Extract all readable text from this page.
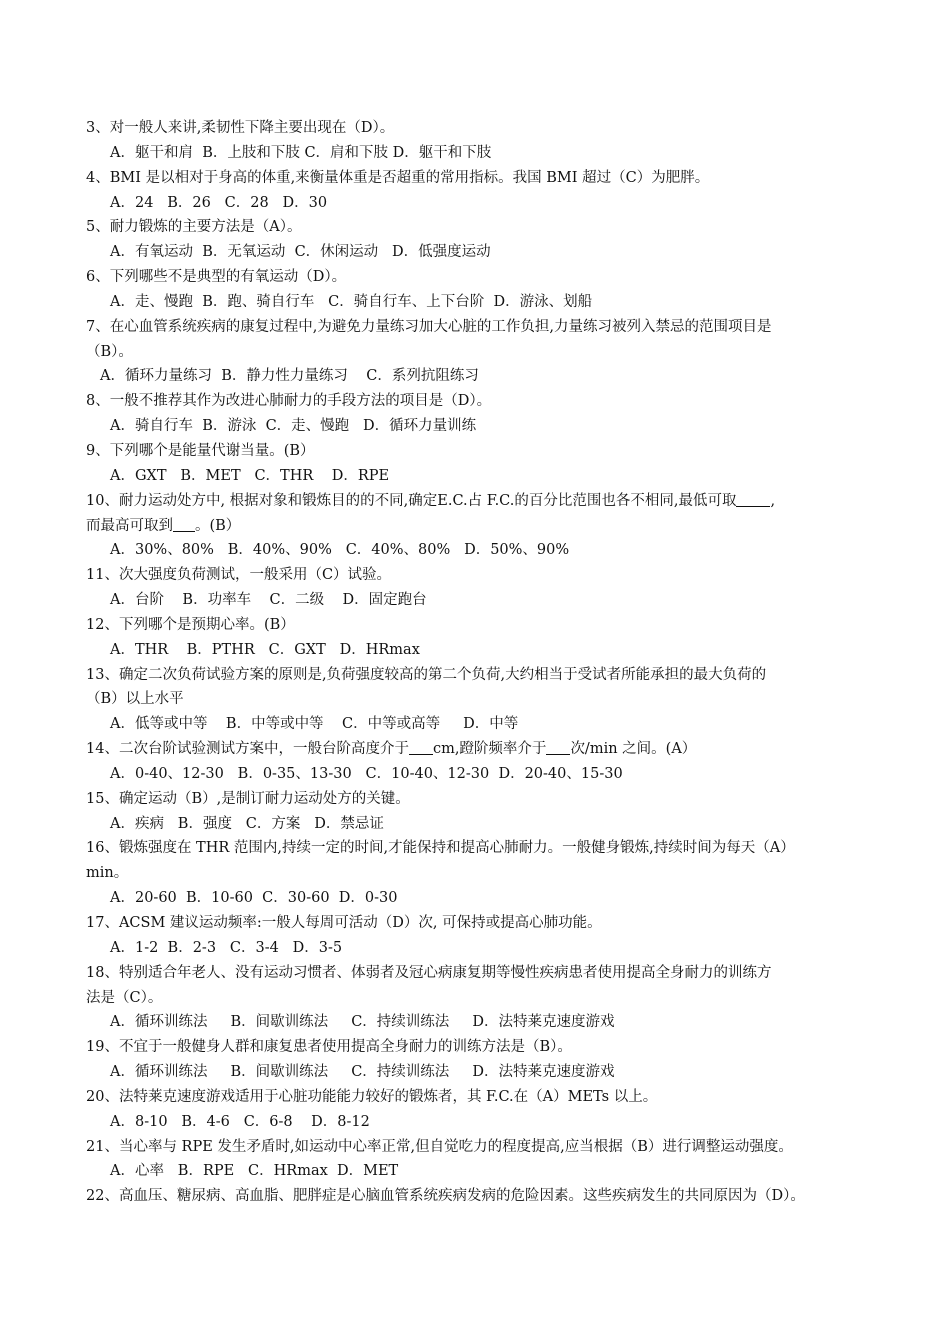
3、对一般人来讲,柔韧性下降主要出现在（D）。
A．躯干和肩  B．上肢和下肢 C．肩和下肢 D．躯干和下肢
4、BMI 是以相对于身高的体重,来衡量体重是否超重的常用指标。我国 BMI 超过（C）为肥胖。
A．24   B．26   C．28   D．30
5、耐力锻炼的主要方法是（A）。
A．有氧运动  B．无氧运动  C．休闲运动   D．低强度运动
6、下列哪些不是典型的有氧运动（D）。
A．走、慢跑  B．跑、骑自行车   C．骑自行车、上下台阶  D．游泳、划船
7、在心血管系统疾病的康复过程中,为避免力量练习加大心脏的工作负担,力量练习被列入禁忌的范围项目是
（B）。
A．循环力量练习  B．静力性力量练习    C．系列抗阻练习
8、一般不推荐其作为改进心肺耐力的手段方法的项目是（D）。
A．骑自行车  B．游泳  C．走、慢跑   D．循环力量训练
9、下列哪个是能量代谢当量。(B）
A．GXT   B．MET   C．THR    D．RPE
10、耐力运动处方中, 根据对象和锻炼目的的不同,确定E.C.占 F.C.的百分比范围也各不相同,最低可取 ,
而最高可取到 。(B）
A．30%、80%   B．40%、90%   C．40%、80%   D．50%、90%
11、次大强度负荷测试，一般采用（C）试验。
A．台阶    B．功率车    C．二级    D．固定跑台
12、下列哪个是预期心率。(B）
A．THR    B．PTHR   C．GXT   D．HRmax
13、确定二次负荷试验方案的原则是,负荷强度较高的第二个负荷,大约相当于受试者所能承担的最大负荷的
（B）以上水平
A．低等或中等    B．中等或中等    C．中等或高等     D．中等
14、二次台阶试验测试方案中，一般台阶高度介于 cm,蹬阶频率介于 次/min 之间。(A）
A．0-40、12-30   B．0-35、13-30   C．10-40、12-30  D．20-40、15-30
15、确定运动（B）,是制订耐力运动处方的关键。
A．疾病   B．强度   C．方案   D．禁忌证
16、锻炼强度在 THR 范围内,持续一定的时间,才能保持和提高心肺耐力。一般健身锻炼,持续时间为每天（A）
min。
A．20-60  B．10-60  C．30-60  D．0-30
17、ACSM 建议运动频率:一般人每周可活动（D）次, 可保持或提高心肺功能。
A．1-2  B．2-3   C．3-4   D．3-5
18、特别适合年老人、没有运动习惯者、体弱者及冠心病康复期等慢性疾病患者使用提高全身耐力的训练方
法是（C）。
A．循环训练法     B．间歇训练法     C．持续训练法     D．法特莱克速度游戏
19、不宜于一般健身人群和康复患者使用提高全身耐力的训练方法是（B）。
A．循环训练法     B．间歇训练法     C．持续训练法     D．法特莱克速度游戏
20、法特莱克速度游戏适用于心脏功能能力较好的锻炼者，其 F.C.在（A）METs 以上。
A．8-10   B．4-6   C．6-8    D．8-12
21、当心率与 RPE 发生矛盾时,如运动中心率正常,但自觉吃力的程度提高,应当根据（B）进行调整运动强度。
A．心率   B．RPE   C．HRmax  D．MET
22、高血压、糖尿病、高血脂、肥胖症是心脑血管系统疾病发病的危险因素。这些疾病发生的共同原因为（D）。
